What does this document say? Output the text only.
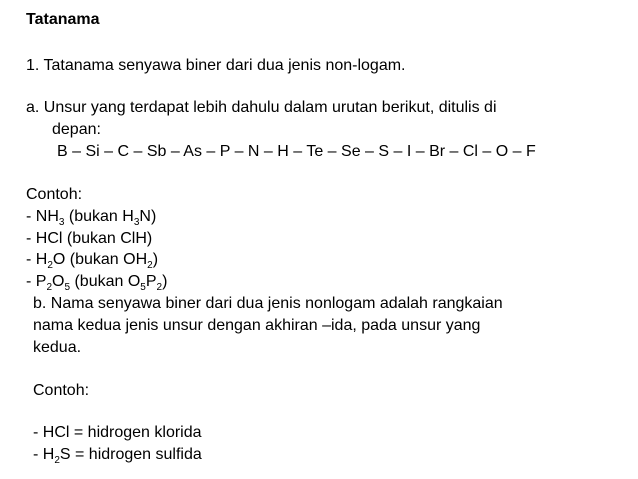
Tatanama
1. Tatanama senyawa biner dari dua jenis non-logam.
a. Unsur yang terdapat lebih dahulu dalam urutan berikut, ditulis di
depan:
B – Si – C – Sb – As – P – N – H – Te – Se – S – I – Br – Cl – O – F
Contoh:
- $NH_3$ (bukan $H_3N$)
- HCl (bukan ClH)
- $H_2O$ (bukan $OH_2$)
- $P_2O_5$ (bukan $O_5P_2$)
b. Nama senyawa biner dari dua jenis nonlogam adalah rangkaian
nama kedua jenis unsur dengan akhiran –ida, pada unsur yang
kedua.
Contoh:
- HCl = hidrogen klorida
- $H_2S$ = hidrogen sulfida
